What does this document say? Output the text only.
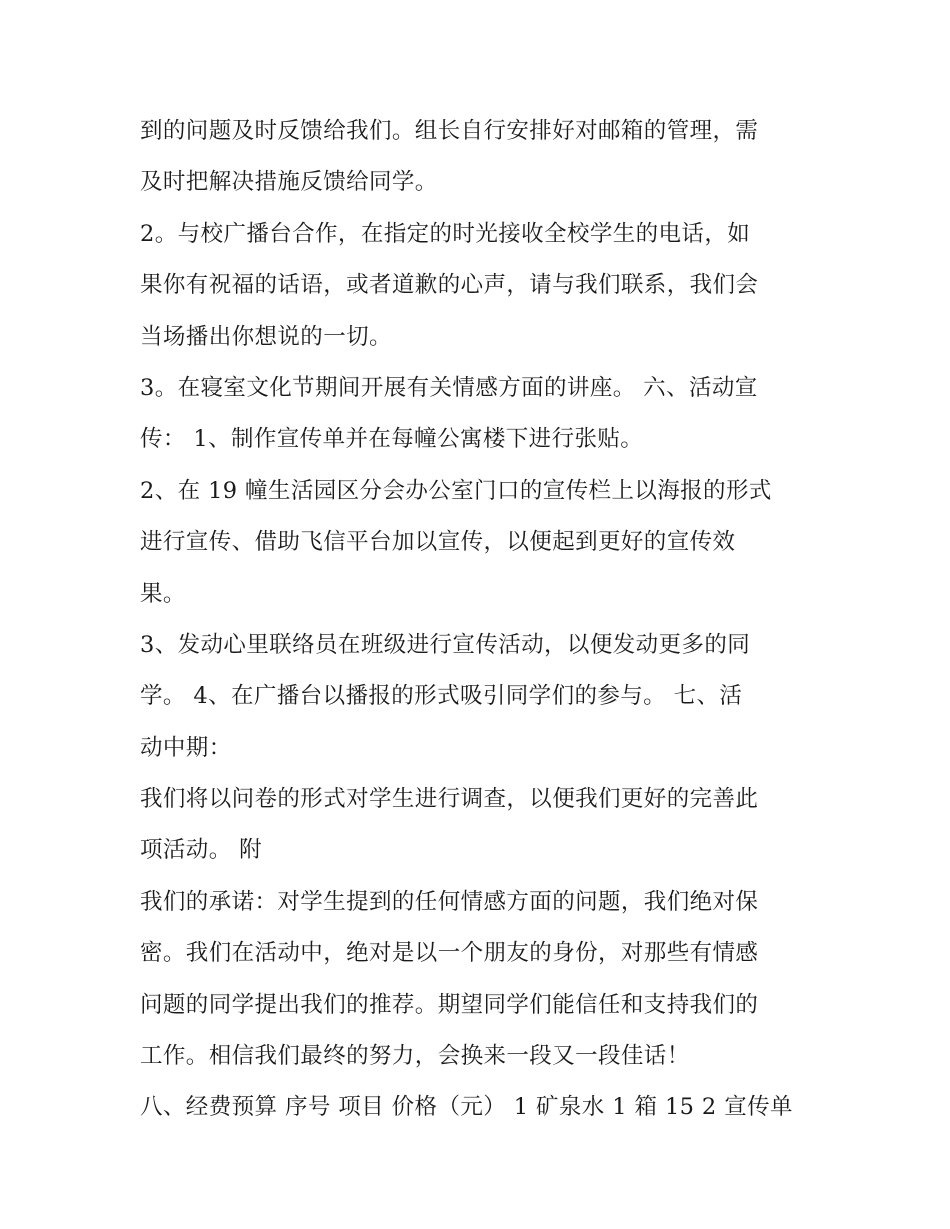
到的问题及时反馈给我们。组长自行安排好对邮箱的管理，需
及时把解决措施反馈给同学。
2。与校广播台合作，在指定的时光接收全校学生的电话，如
果你有祝福的话语，或者道歉的心声，请与我们联系，我们会
当场播出你想说的一切。
3。在寝室文化节期间开展有关情感方面的讲座。 六、活动宣
传： 1、制作宣传单并在每幢公寓楼下进行张贴。
2、在 19 幢生活园区分会办公室门口的宣传栏上以海报的形式
进行宣传、借助飞信平台加以宣传，以便起到更好的宣传效
果。
3、发动心里联络员在班级进行宣传活动，以便发动更多的同
学。 4、在广播台以播报的形式吸引同学们的参与。 七、活
动中期：
我们将以问卷的形式对学生进行调查，以便我们更好的完善此
项活动。 附
我们的承诺：对学生提到的任何情感方面的问题，我们绝对保
密。我们在活动中，绝对是以一个朋友的身份，对那些有情感
问题的同学提出我们的推荐。期望同学们能信任和支持我们的
工作。相信我们最终的努力，会换来一段又一段佳话！
八、经费预算 序号 项目 价格（元） 1 矿泉水 1 箱 15 2 宣传单
